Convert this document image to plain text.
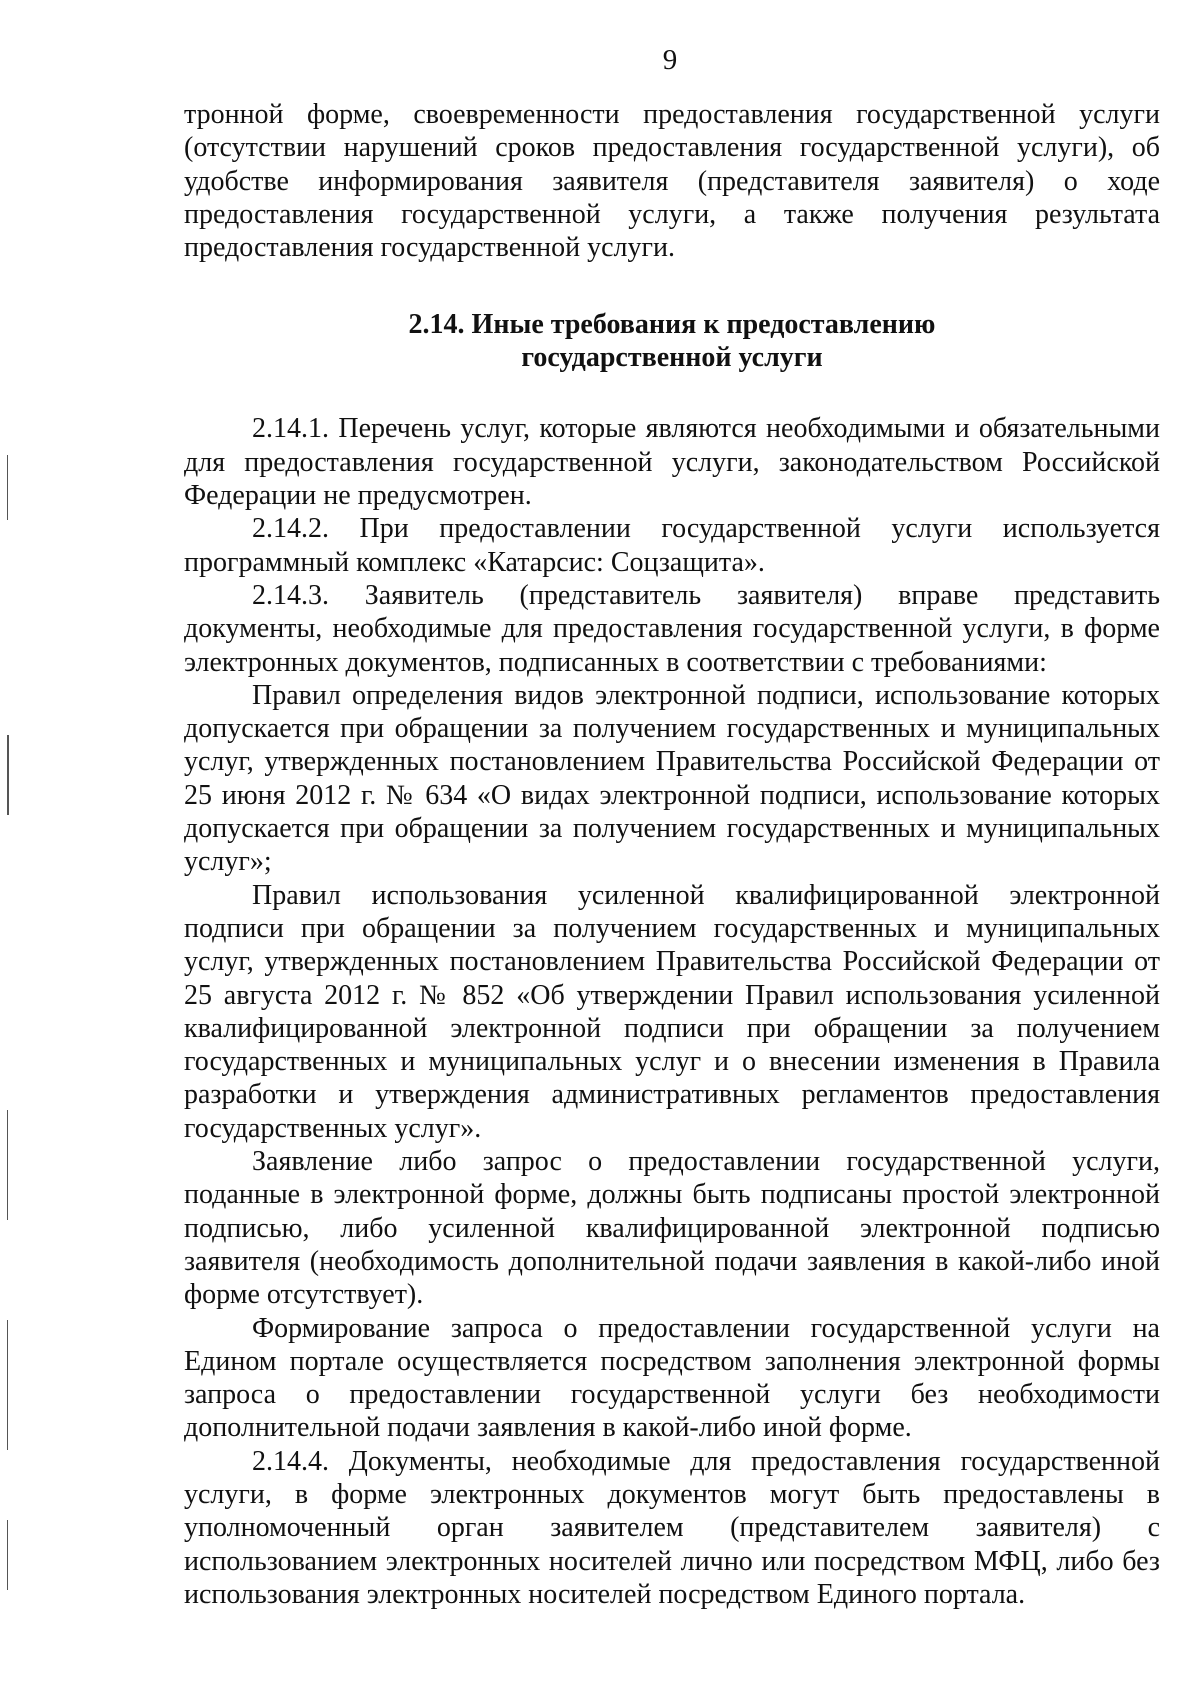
9

тронной форме, своевременности предоставления государственной услуги (отсутствии нарушений сроков предоставления государственной услуги), об удобстве информирования заявителя (представителя заявителя) о ходе предоставления государственной услуги, а также получения результата предоставления государственной услуги.

2.14. Иные требования к предоставлению
государственной услуги

2.14.1. Перечень услуг, которые являются необходимыми и обязательными для предоставления государственной услуги, законодательством Российской Федерации не предусмотрен.

2.14.2. При предоставлении государственной услуги используется программный комплекс «Катарсис: Соцзащита».

2.14.3. Заявитель (представитель заявителя) вправе представить документы, необходимые для предоставления государственной услуги, в форме электронных документов, подписанных в соответствии с требованиями:

Правил определения видов электронной подписи, использование которых допускается при обращении за получением государственных и муниципальных услуг, утвержденных постановлением Правительства Российской Федерации от 25 июня 2012 г. № 634 «О видах электронной подписи, использование которых допускается при обращении за получением государственных и муниципальных услуг»;

Правил использования усиленной квалифицированной электронной подписи при обращении за получением государственных и муниципальных услуг, утвержденных постановлением Правительства Российской Федерации от 25 августа 2012 г. № 852 «Об утверждении Правил использования усиленной квалифицированной электронной подписи при обращении за получением государственных и муниципальных услуг и о внесении изменения в Правила разработки и утверждения административных регламентов предоставления государственных услуг».

Заявление либо запрос о предоставлении государственной услуги, поданные в электронной форме, должны быть подписаны простой электронной подписью, либо усиленной квалифицированной электронной подписью заявителя (необходимость дополнительной подачи заявления в какой-либо иной форме отсутствует).

Формирование запроса о предоставлении государственной услуги на Едином портале осуществляется посредством заполнения электронной формы запроса о предоставлении государственной услуги без необходимости дополнительной подачи заявления в какой-либо иной форме.

2.14.4. Документы, необходимые для предоставления государственной услуги, в форме электронных документов могут быть предоставлены в уполномоченный орган заявителем (представителем заявителя) с использованием электронных носителей лично или посредством МФЦ, либо без использования электронных носителей посредством Единого портала.
